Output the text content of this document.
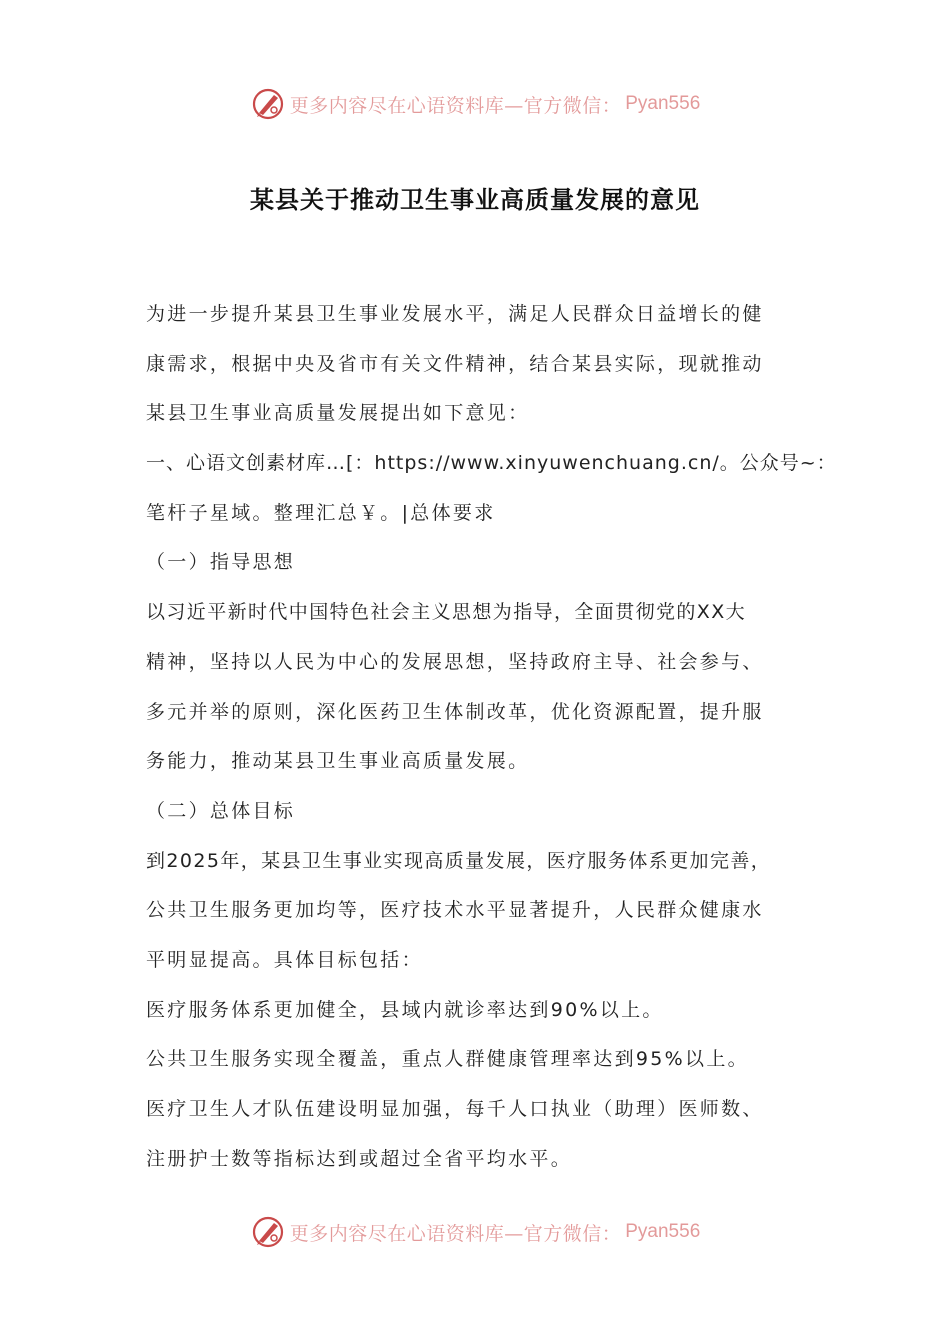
更多内容尽在心语资料库—官方微信： Pyan556
某县关于推动卫生事业高质量发展的意见
为进一步提升某县卫生事业发展水平，满足人民群众日益增长的健
康需求，根据中央及省市有关文件精神，结合某县实际，现就推动
某县卫生事业高质量发展提出如下意见：
一、心语文创素材库…[：https://www.xinyuwenchuang.cn/。公众号~：
笔杆子星域。整理汇总￥。|总体要求
（一）指导思想
以习近平新时代中国特色社会主义思想为指导，全面贯彻党的XX大
精神，坚持以人民为中心的发展思想，坚持政府主导、社会参与、
多元并举的原则，深化医药卫生体制改革，优化资源配置，提升服
务能力，推动某县卫生事业高质量发展。
（二）总体目标
到2025年，某县卫生事业实现高质量发展，医疗服务体系更加完善，
公共卫生服务更加均等，医疗技术水平显著提升，人民群众健康水
平明显提高。具体目标包括：
医疗服务体系更加健全，县域内就诊率达到90%以上。
公共卫生服务实现全覆盖，重点人群健康管理率达到95%以上。
医疗卫生人才队伍建设明显加强，每千人口执业（助理）医师数、
注册护士数等指标达到或超过全省平均水平。
更多内容尽在心语资料库—官方微信： Pyan556
